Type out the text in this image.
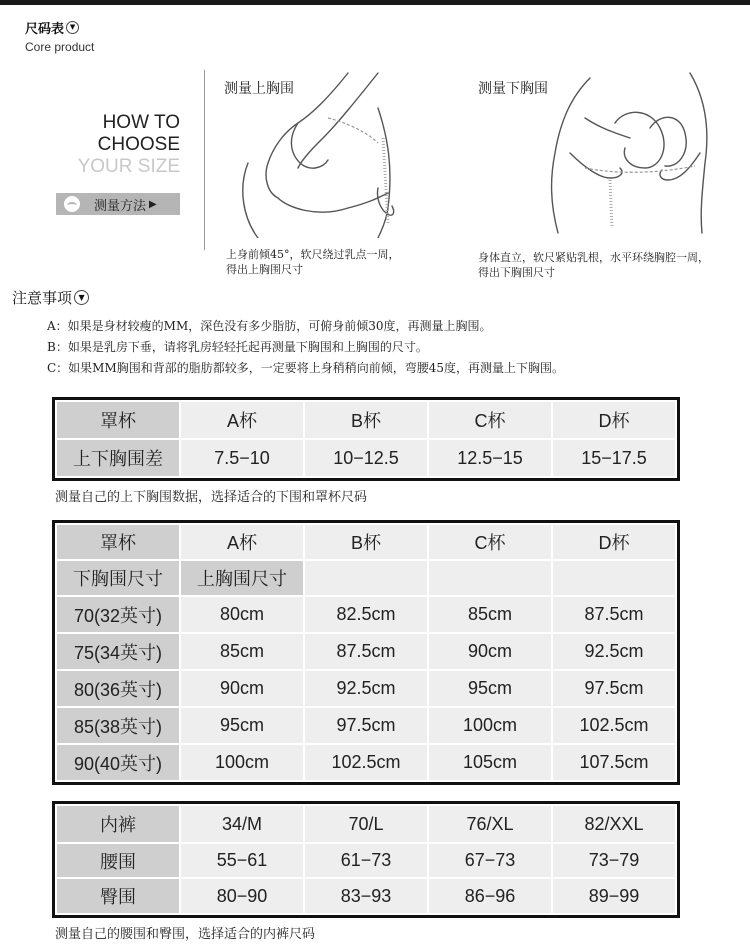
尺码表 ▼
Core product
HOW TO
CHOOSE
YOUR SIZE
测量方法 ▶
测量上胸围
上身前倾45°，软尺绕过乳点一周，
得出上胸围尺寸
测量下胸围
身体直立，软尺紧贴乳根，水平环绕胸腔一周，
得出下胸围尺寸
注意事项 ▼
A：如果是身材较瘦的MM，深色没有多少脂肪，可俯身前倾30度，再测量上胸围。
B：如果是乳房下垂，请将乳房轻轻托起再测量下胸围和上胸围的尺寸。
C：如果MM胸围和背部的脂肪都较多，一定要将上身稍稍向前倾，弯腰45度，再测量上下胸围。
罩杯	A杯	B杯	C杯	D杯
上下胸围差	7.5−10	10−12.5	12.5−15	15−17.5
测量自己的上下胸围数据，选择适合的下围和罩杯尺码
罩杯	A杯	B杯	C杯	D杯
下胸围尺寸	上胸围尺寸			
70(32英寸)	80cm	82.5cm	85cm	87.5cm
75(34英寸)	85cm	87.5cm	90cm	92.5cm
80(36英寸)	90cm	92.5cm	95cm	97.5cm
85(38英寸)	95cm	97.5cm	100cm	102.5cm
90(40英寸)	100cm	102.5cm	105cm	107.5cm
内裤	34/M	70/L	76/XL	82/XXL
腰围	55−61	61−73	67−73	73−79
臀围	80−90	83−93	86−96	89−99
测量自己的腰围和臀围，选择适合的内裤尺码
